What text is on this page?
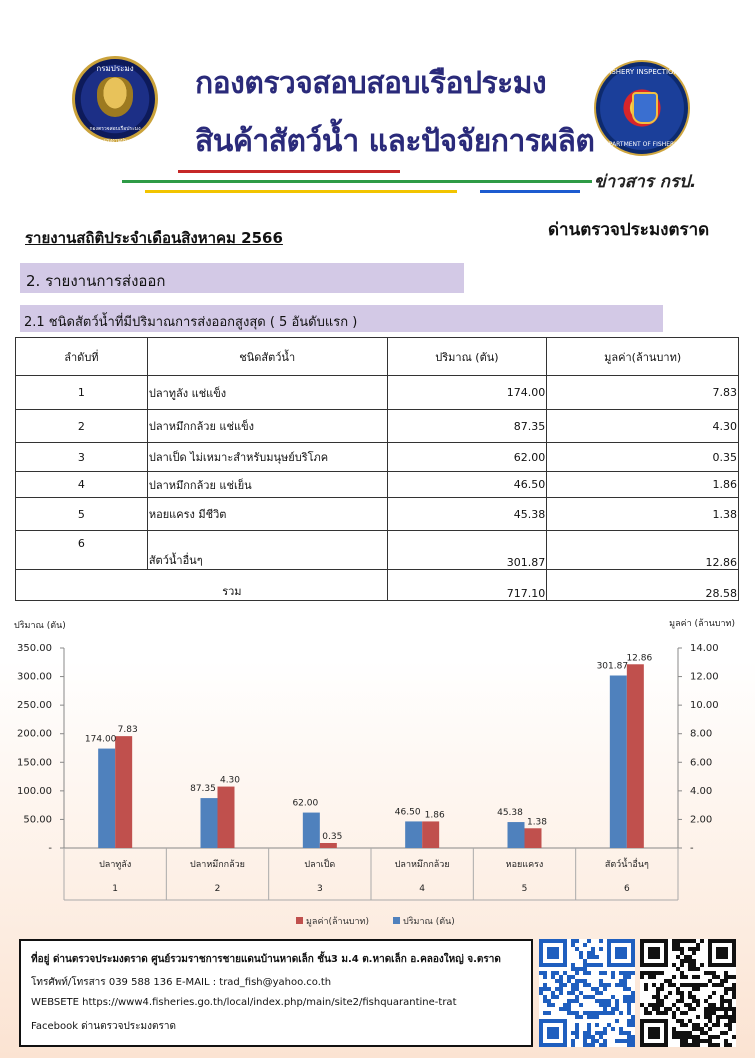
กรมประมง
กองตรวจสอบเรือประมงและแรงงานประมง
กองตรวจสอบสอบเรือประมง
สินค้าสัตว์น้ำ และปัจจัยการผลิต
FISHERY INSPECTION
DEPARTMENT OF FISHERIES
ข่าวสาร กรป.
รายงานสถิติประจำเดือนสิงหาคม 2566	ด่านตรวจประมงตราด
2. รายงานการส่งออก
2.1 ชนิดสัตว์น้ำที่มีปริมาณการส่งออกสูงสุด ( 5 อันดับแรก )
ลำดับที่	ชนิดสัตว์น้ำ	ปริมาณ (ตัน)	มูลค่า(ล้านบาท)
1	ปลาทูลัง แช่แข็ง	174.00	7.83
2	ปลาหมึกกล้วย แช่แข็ง	87.35	4.30
3	ปลาเป็ด ไม่เหมาะสำหรับมนุษย์บริโภค	62.00	0.35
4	ปลาหมึกกล้วย แช่เย็น	46.50	1.86
5	หอยแครง มีชีวิต	45.38	1.38
6	สัตว์น้ำอื่นๆ	301.87	12.86
รวม		717.10	28.58
ปริมาณ (ตัน)	มูลค่า (ล้านบาท)
-
50.00
100.00
150.00
200.00
250.00
300.00
350.00
-
2.00
4.00
6.00
8.00
10.00
12.00
14.00
174.00
7.83
ปลาทูลัง
1
87.35
4.30
ปลาหมึกกล้วย
2
62.00
0.35
ปลาเป็ด
3
46.50 1.86
ปลาหมึกกล้วย
4
45.38
1.38
หอยแครง
5
301.87
12.86
สัตว์น้ำอื่นๆ
6
มูลค่า(ล้านบาท)	ปริมาณ (ตัน)
ที่อยู่ ด่านตรวจประมงตราด ศูนย์รวมราชการชายแดนบ้านหาดเล็ก ชั้น3 ม.4 ต.หาดเล็ก อ.คลองใหญ่ จ.ตราด
โทรศัพท์/โทรสาร 039 588 136 E-MAIL : trad_fish@yahoo.co.th
WEBSETE https://www4.fisheries.go.th/local/index.php/main/site2/fishquarantine-trat
Facebook ด่านตรวจประมงตราด
